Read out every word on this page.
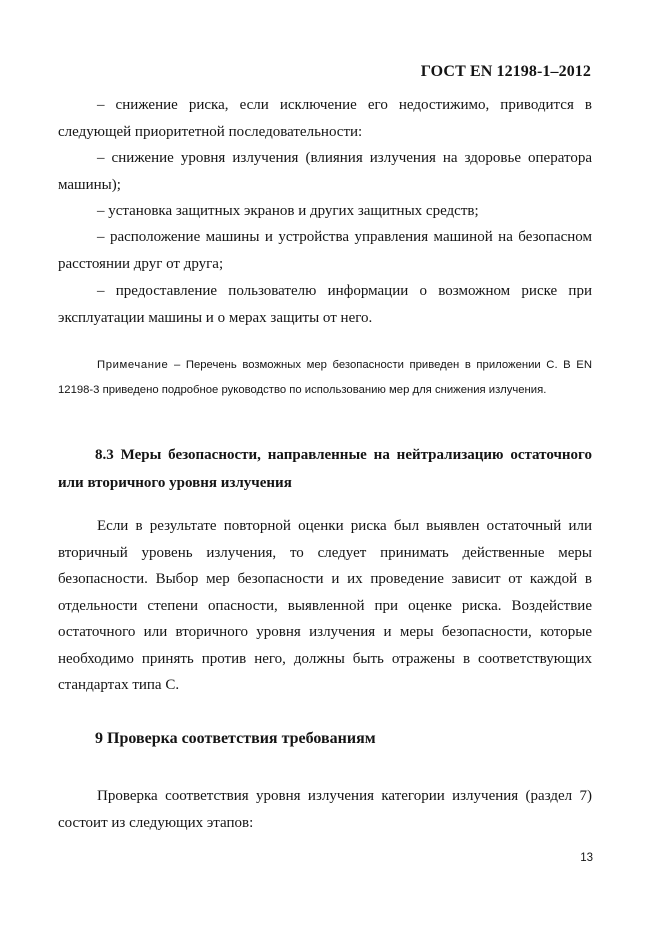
ГОСТ EN 12198-1–2012

– снижение риска, если исключение его недостижимо, приводится в следующей приоритетной последовательности:

– снижение уровня излучения (влияния излучения на здоровье оператора машины);

– установка защитных экранов и других защитных средств;

– расположение машины и устройства управления машиной на безопасном расстоянии друг от друга;

– предоставление пользователю информации о возможном риске при эксплуатации машины и о мерах защиты от него.

Примечание – Перечень возможных мер безопасности приведен в приложении С. В EN 12198-3 приведено подробное руководство по использованию мер для снижения излучения.

8.3 Меры безопасности, направленные на нейтрализацию остаточного или вторичного уровня излучения

Если в результате повторной оценки риска был выявлен остаточный или вторичный уровень излучения, то следует принимать действенные меры безопасности. Выбор мер безопасности и их проведение зависит от каждой в отдельности степени опасности, выявленной при оценке риска. Воздействие остаточного или вторичного уровня излучения и меры безопасности, которые необходимо принять против него, должны быть отражены в соответствующих стандартах типа С.

9 Проверка соответствия требованиям

Проверка соответствия уровня излучения категории излучения (раздел 7) состоит из следующих этапов:

13
